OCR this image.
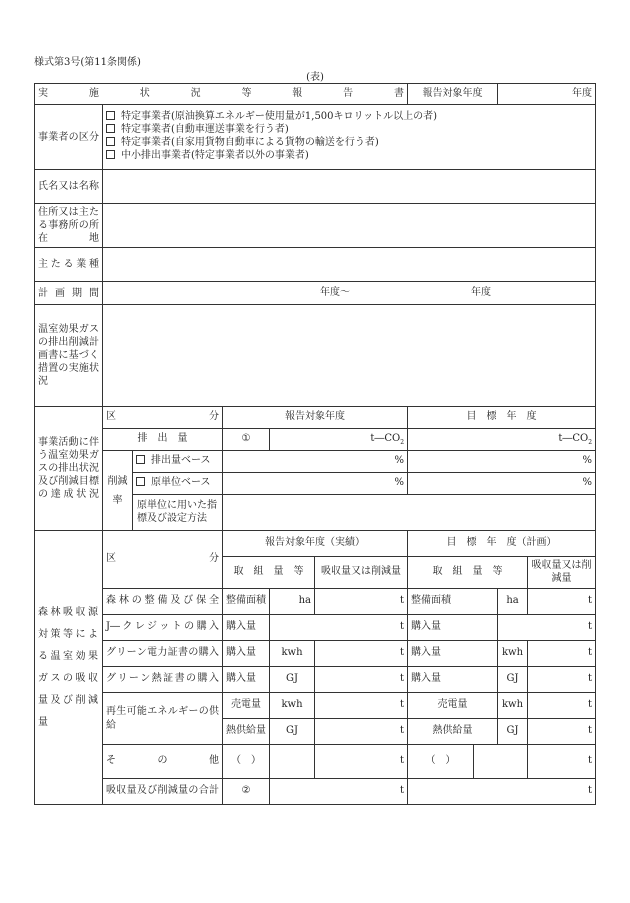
様式第3号(第11条関係)
(表)
実　　施　　状　　況　　等　　報　　告　　書						報告対象年度		年度	
事業者の区分	特定事業者(原油換算エネルギー使用量が1,500キロリットル以上の者)
特定事業者(自動車運送事業を行う者)
特定事業者(自家用貨物自動車による貨物の輸送を行う者)
中小排出事業者(特定事業者以外の事業者)								

氏名又は名称									
住所又は主たる事務所の所在地									
主たる業種									
計画期間	年度～ 年度								
温室効果ガスの排出削減計画書に基づく措置の実施状況									
事業活動に伴う温室効果ガスの排出状況及び削減目標の達成状況	区　　分		報告対象年度			目　標　年　度			
	排　出　量		①	$t―CO_2$		$t―CO_2$
	削減率	排出量ベース	%			%			
		原単位ベース	%			%			
		原単位に用いた指標及び設定方法							
森林吸収源対策等による温室効果ガスの吸収量及び削減量	区　　分		報告対象年度（実績）			目　標　年　度（計画）			
			取　組　量　等		吸収量又は削減量	取　組　量　等			吸収量又は削減量
	森林の整備及び保全		整備面積	ha	t	整備面積		ha	t
	J―クレジットの購入		購入量	t		購入量		t	
	グリーン電力証書の購入		購入量	kwh	t	購入量		kwh	t
	グリーン熱証書の購入		購入量	GJ	t	購入量		GJ	t
	再生可能エネルギーの供給		売電量	kwh	t	売電量		kwh	t
			熱供給量	GJ	t	熱供給量		GJ	t
	そ　　の　　他		（　）		t	（　）			t
	吸収量及び削減量の合計		②	t		t			
